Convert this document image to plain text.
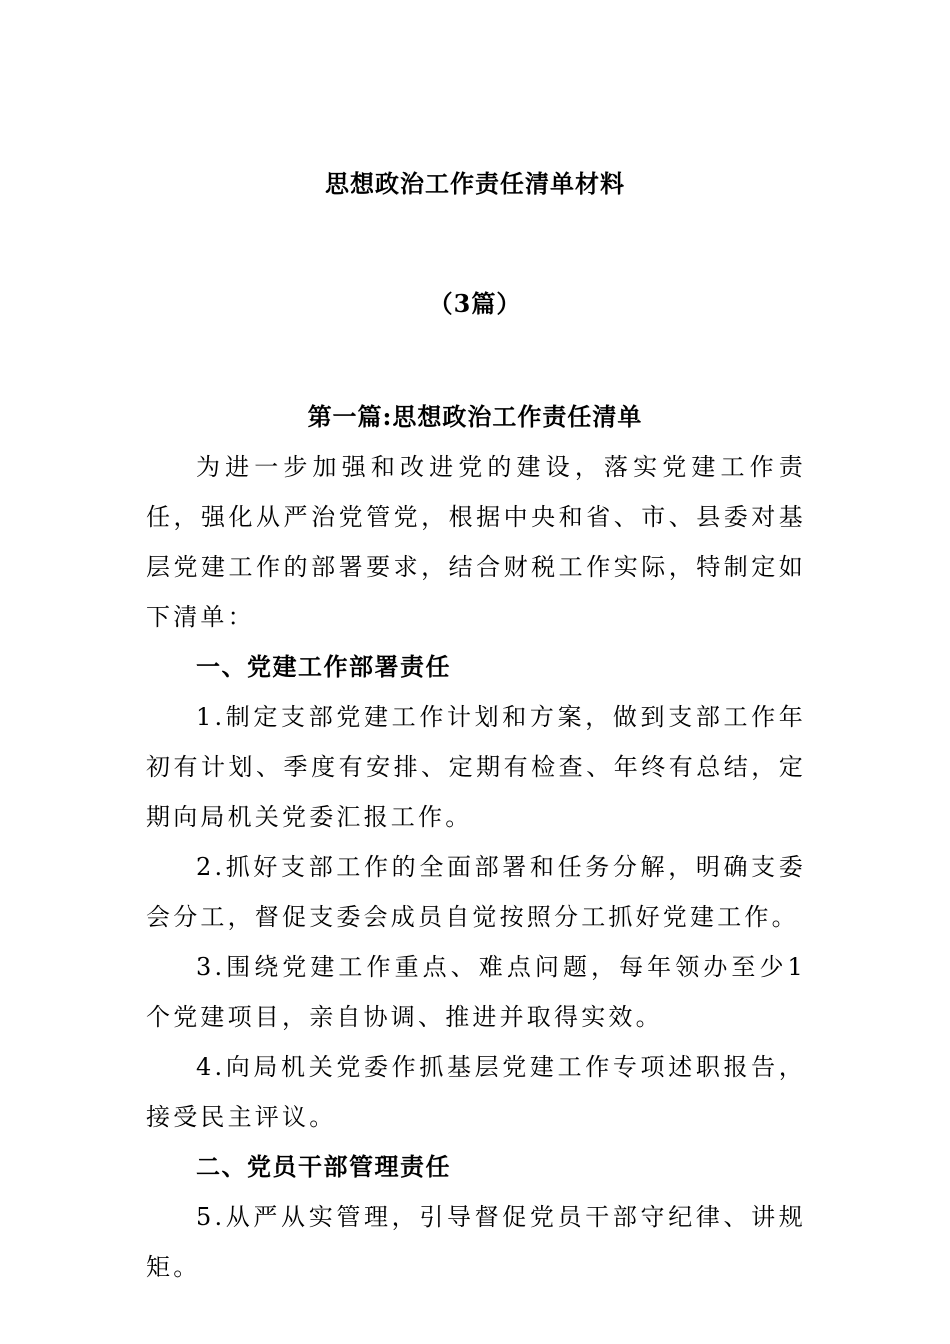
思想政治工作责任清单材料
（3篇）
第一篇:思想政治工作责任清单

为进一步加强和改进党的建设，落实党建工作责任，强化从严治党管党，根据中央和省、市、县委对基层党建工作的部署要求，结合财税工作实际，特制定如下清单：

一、党建工作部署责任

1.制定支部党建工作计划和方案，做到支部工作年初有计划、季度有安排、定期有检查、年终有总结，定期向局机关党委汇报工作。

2.抓好支部工作的全面部署和任务分解，明确支委会分工，督促支委会成员自觉按照分工抓好党建工作。

3.围绕党建工作重点、难点问题，每年领办至少1个党建项目，亲自协调、推进并取得实效。

4.向局机关党委作抓基层党建工作专项述职报告，接受民主评议。

二、党员干部管理责任

5.从严从实管理，引导督促党员干部守纪律、讲规矩。
